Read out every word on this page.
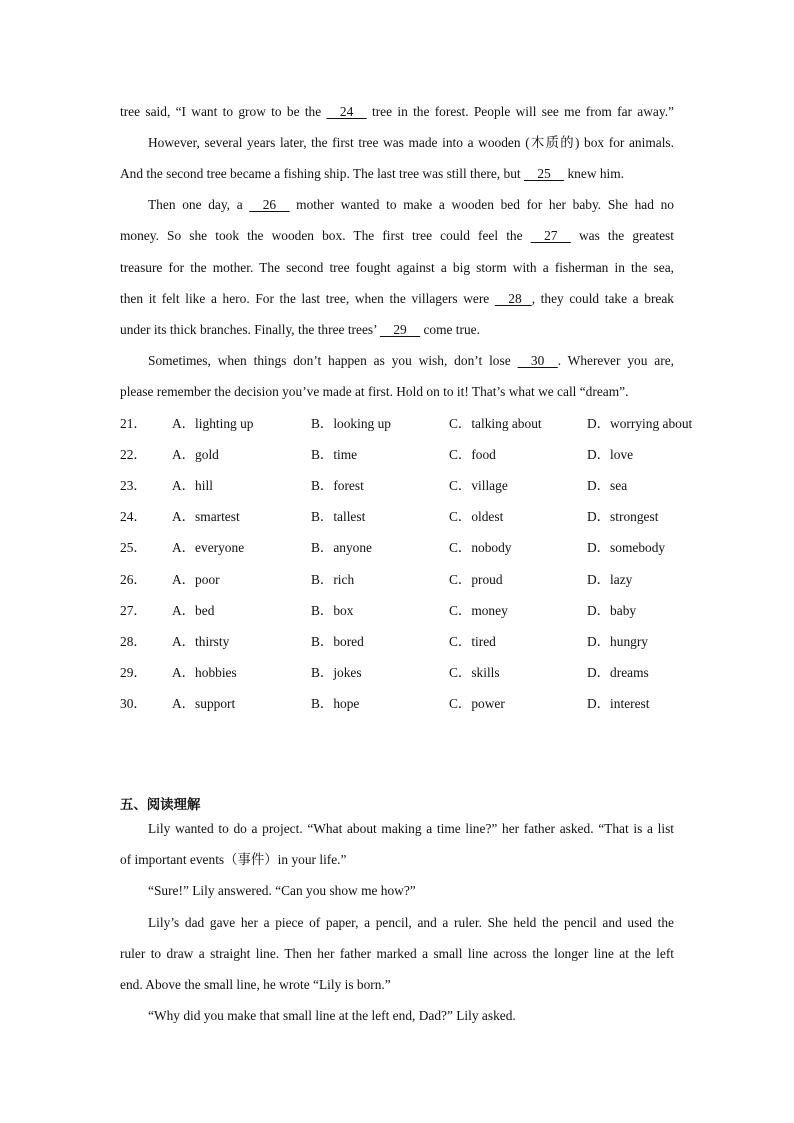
tree said, “I want to grow to be the     24     tree in the forest. People will see me from far away.”
However, several years later, the first tree was made into a wooden (木质的) box for animals.
And the second tree became a fishing ship. The last tree was still there, but     25     knew him.
Then one day, a     26     mother wanted to make a wooden bed for her baby. She had no
money. So she took the wooden box. The first tree could feel the     27     was the greatest
treasure for the mother. The second tree fought against a big storm with a fisherman in the sea,
then it felt like a hero. For the last tree, when the villagers were     28   , they could take a break
under its thick branches. Finally, the three trees’     29     come true.
Sometimes, when things don’t happen as you wish, don’t lose     30    . Wherever you are,
please remember the decision you’ve made at first. Hold on to it! That’s what we call “dream”.
21． A．lighting up	B．looking up	C．talking about	D．worrying about
22． A．gold	B．time	C．food	D．love
23． A．hill	B．forest	C．village	D．sea
24． A．smartest	B．tallest	C．oldest	D．strongest
25． A．everyone	B．anyone	C．nobody	D．somebody
26． A．poor	B．rich	C．proud	D．lazy
27． A．bed	B．box	C．money	D．baby
28． A．thirsty	B．bored	C．tired	D．hungry
29． A．hobbies	B．jokes	C．skills	D．dreams
30． A．support	B．hope	C．power	D．interest
五、阅读理解
Lily wanted to do a project. “What about making a time line?” her father asked. “That is a list
of important events（事件）in your life.”
“Sure!” Lily answered. “Can you show me how?”
Lily’s dad gave her a piece of paper, a pencil, and a ruler. She held the pencil and used the
ruler to draw a straight line. Then her father marked a small line across the longer line at the left
end. Above the small line, he wrote “Lily is born.”
“Why did you make that small line at the left end, Dad?” Lily asked.
